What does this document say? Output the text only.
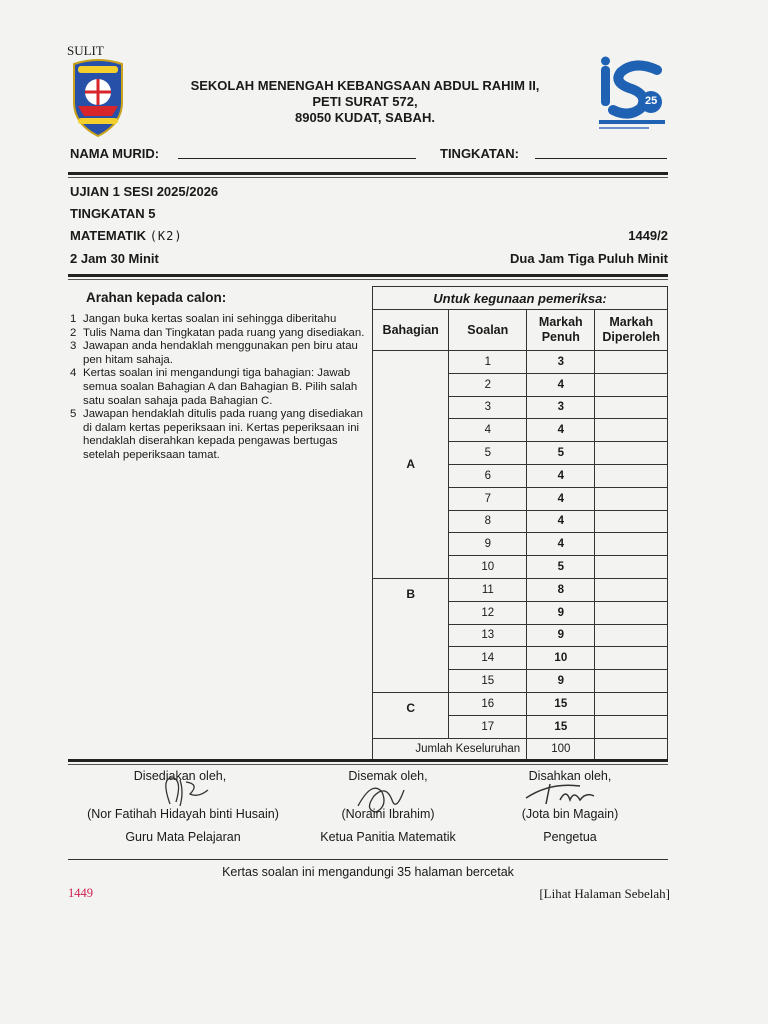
SULIT
SEKOLAH MENENGAH KEBANGSAAN ABDUL RAHIM II,
PETI SURAT 572,
89050 KUDAT, SABAH.
25
NAMA MURID:	TINGKATAN:
UJIAN 1 SESI 2025/2026
TINGKATAN 5
MATEMATIK (K2)	1449/2
2 Jam 30 Minit	Dua Jam Tiga Puluh Minit
Arahan kepada calon:
1 Jangan buka kertas soalan ini sehingga diberitahu
2 Tulis Nama dan Tingkatan pada ruang yang disediakan.
3 Jawapan anda hendaklah menggunakan pen biru atau pen hitam sahaja.
4 Kertas soalan ini mengandungi tiga bahagian: Jawab semua soalan Bahagian A dan Bahagian B. Pilih salah satu soalan sahaja pada Bahagian C.
5 Jawapan hendaklah ditulis pada ruang yang disediakan di dalam kertas peperiksaan ini. Kertas peperiksaan ini hendaklah diserahkan kepada pengawas bertugas setelah peperiksaan tamat.
Untuk kegunaan pemeriksa:			
Bahagian	Soalan	Markah Penuh	Markah Diperoleh
A	1	3	
	2	4	
	3	3	
	4	4	
	5	5	
	6	4	
	7	4	
	8	4	
	9	4	
	10	5	
B	11	8	
	12	9	
	13	9	
	14	10	
	15	9	
C	16	15	
	17	15	
Jumlah Keseluruhan		100	
Disediakan oleh,	Disemak oleh,	Disahkan oleh,
(Nor Fatihah Hidayah binti Husain)	(Noraini Ibrahim)	(Jota bin Magain)
Guru Mata Pelajaran	Ketua Panitia Matematik	Pengetua
Kertas soalan ini mengandungi 35 halaman bercetak
1449	[Lihat Halaman Sebelah]
